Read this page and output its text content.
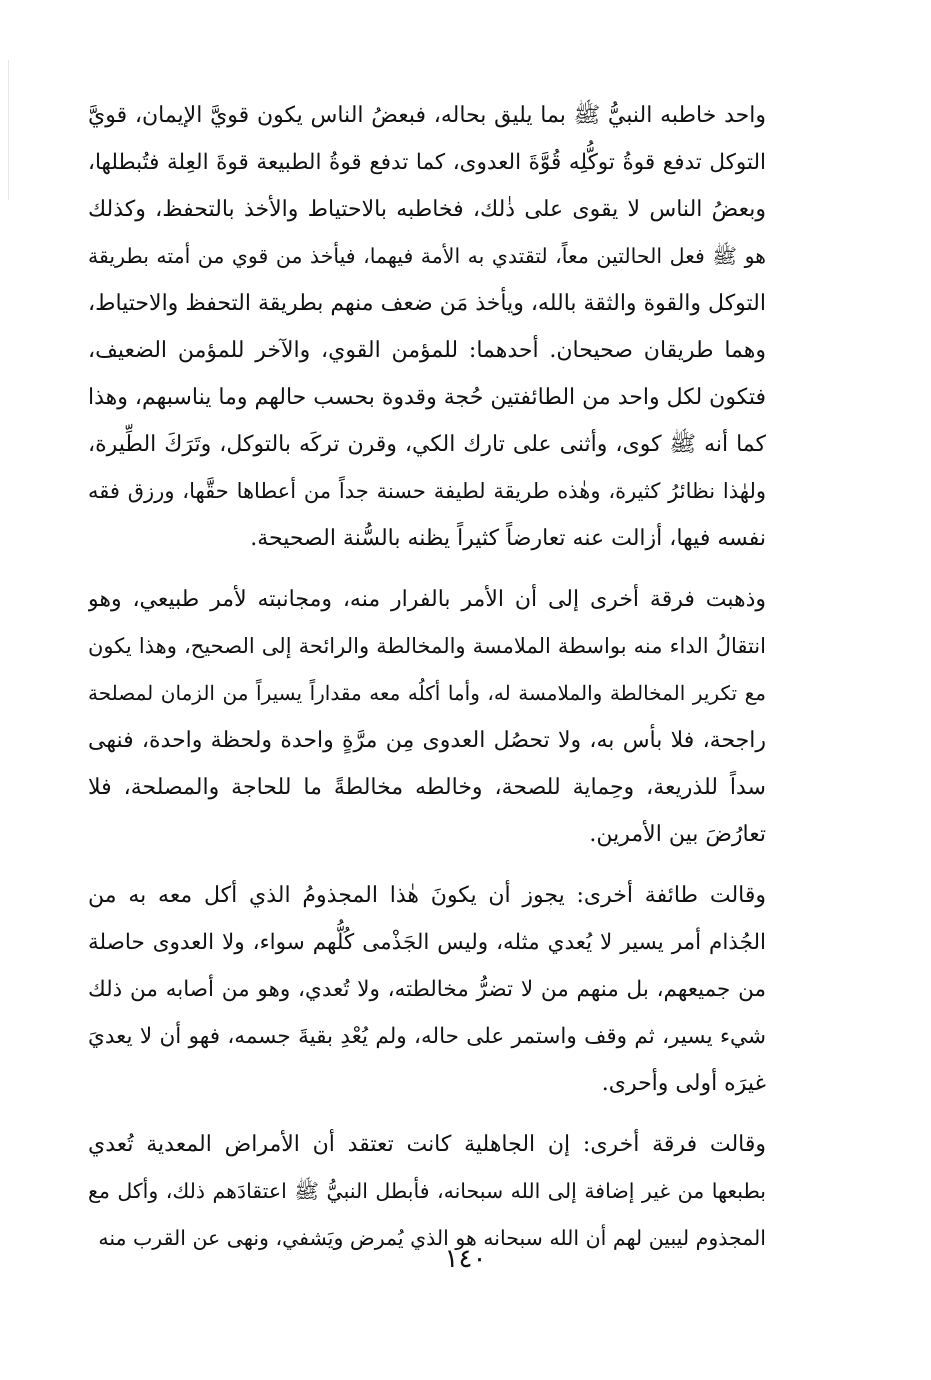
واحد خاطبه النبيُّ ﷺ بما يليق بحاله، فبعضُ الناس يكون قويَّ الإيمان، قويَّ
التوكل تدفع قوةُ توكُّلِه قُوَّةَ العدوى، كما تدفع قوةُ الطبيعة قوةَ العِلة فتُبطلها،
وبعضُ الناس لا يقوى على ذٰلك، فخاطبه بالاحتياط والأخذ بالتحفظ، وكذلك
هو ﷺ فعل الحالتين معاً، لتقتدي به الأمة فيهما، فيأخذ من قوي من أمته بطريقة
التوكل والقوة والثقة بالله، ويأخذ مَن ضعف منهم بطريقة التحفظ والاحتياط،
وهما طريقان صحيحان. أحدهما: للمؤمن القوي، والآخر للمؤمن الضعيف،
فتكون لكل واحد من الطائفتين حُجة وقدوة بحسب حالهم وما يناسبهم، وهذا
كما أنه ﷺ كوى، وأثنى على تارك الكي، وقرن تركَه بالتوكل، وتَرَكَ الطِّيرة،
ولهٰذا نظائرُ كثيرة، وهٰذه طريقة لطيفة حسنة جداً من أعطاها حقَّها، ورزق فقه
نفسه فيها، أزالت عنه تعارضاً كثيراً يظنه بالسُّنة الصحيحة.
وذهبت فرقة أخرى إلى أن الأمر بالفرار منه، ومجانبته لأمر طبيعي، وهو
انتقالُ الداء منه بواسطة الملامسة والمخالطة والرائحة إلى الصحيح، وهذا يكون
مع تكرير المخالطة والملامسة له، وأما أكلُه معه مقداراً يسيراً من الزمان لمصلحة
راجحة، فلا بأس به، ولا تحصُل العدوى مِن مرَّةٍ واحدة ولحظة واحدة، فنهى
سداً للذريعة، وحِماية للصحة، وخالطه مخالطةً ما للحاجة والمصلحة، فلا
تعارُضَ بين الأمرين.
وقالت طائفة أخرى: يجوز أن يكونَ هٰذا المجذومُ الذي أكل معه به من
الجُذام أمر يسير لا يُعدي مثله، وليس الجَذْمى كُلُّهم سواء، ولا العدوى حاصلة
من جميعهم، بل منهم من لا تضرُّ مخالطته، ولا تُعدي، وهو من أصابه من ذلك
شيء يسير، ثم وقف واستمر على حاله، ولم يُعْدِ بقيةَ جسمه، فهو أن لا يعديَ
غيرَه أولى وأحرى.
وقالت فرقة أخرى: إن الجاهلية كانت تعتقد أن الأمراض المعدية تُعدي
بطبعها من غير إضافة إلى الله سبحانه، فأبطل النبيُّ ﷺ اعتقادَهم ذلك، وأكل مع
المجذوم ليبين لهم أن الله سبحانه هو الذي يُمرض ويَشفي، ونهى عن القرب منه
١٤٠
